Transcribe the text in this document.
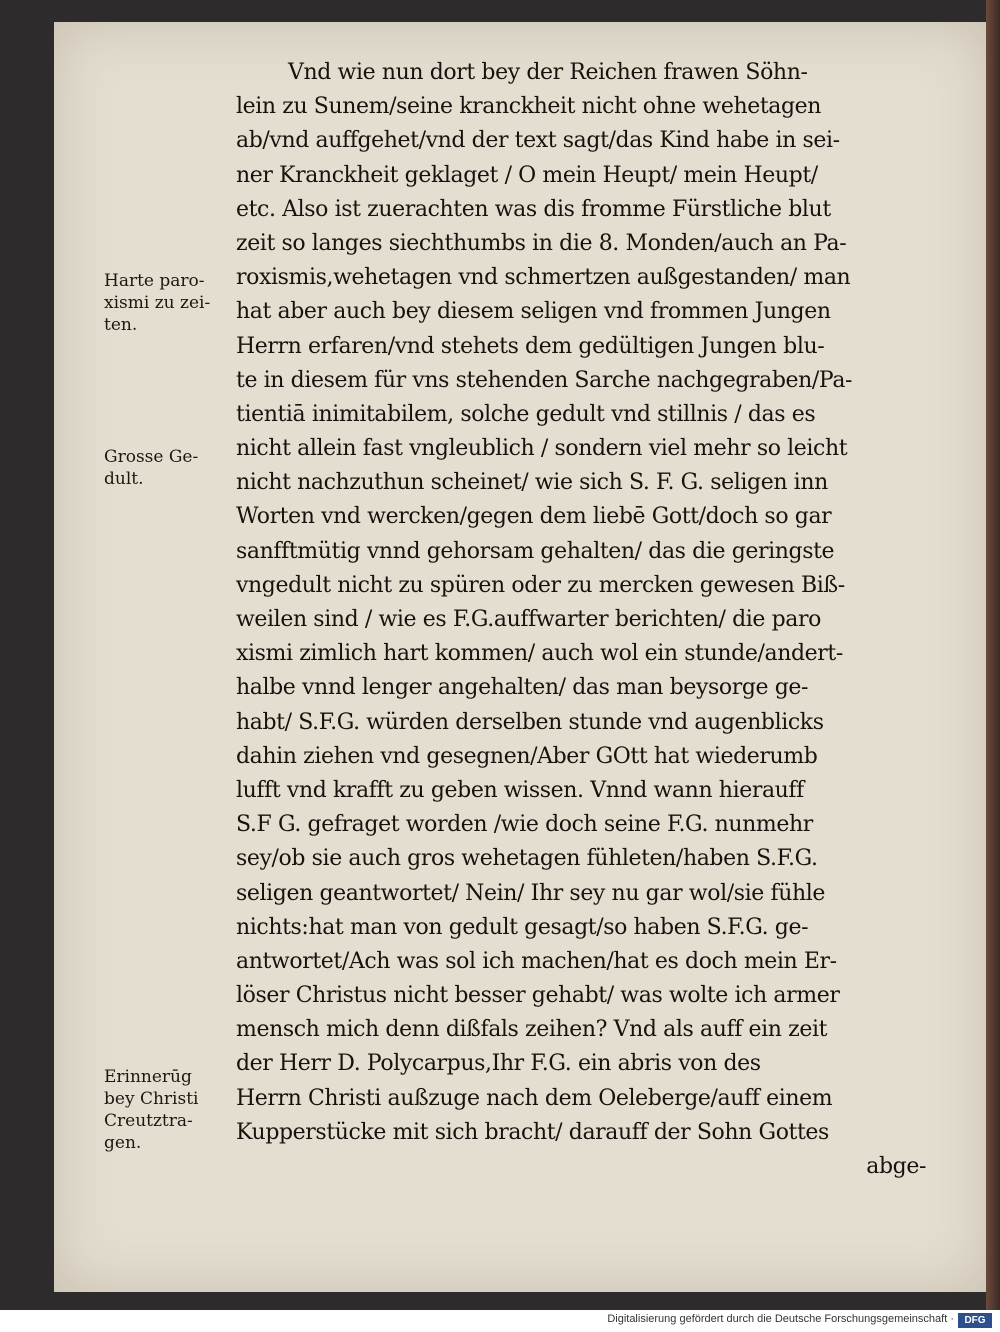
Harte paro-
xismi zu zei-
ten.
Grosse Ge-
dult.
Erinnerūg
bey Christi
Creutztra-
gen.
Vnd wie nun dort bey der Reichen frawen Söhn-
lein zu Sunem/seine kranckheit nicht ohne wehetagen
ab/vnd auffgehet/vnd der text sagt/das Kind habe in sei-
ner Kranckheit geklaget / O mein Heupt/ mein Heupt/
etc. Also ist zuerachten was dis fromme Fürstliche blut
zeit so langes siechthumbs in die 8. Monden/auch an Pa-
roxismis,wehetagen vnd schmertzen außgestanden/ man
hat aber auch bey diesem seligen vnd frommen Jungen
Herrn erfaren/vnd stehets dem gedültigen Jungen blu-
te in diesem für vns stehenden Sarche nachgegraben/Pa-
tientiā inimitabilem, solche gedult vnd stillnis / das es
nicht allein fast vngleublich / sondern viel mehr so leicht
nicht nachzuthun scheinet/ wie sich S. F. G. seligen inn
Worten vnd wercken/gegen dem liebē Gott/doch so gar
sanfftmütig vnnd gehorsam gehalten/ das die geringste
vngedult nicht zu spüren oder zu mercken gewesen Biß-
weilen sind / wie es F.G.auffwarter berichten/ die paro
xismi zimlich hart kommen/ auch wol ein stunde/andert-
halbe vnnd lenger angehalten/ das man beysorge ge-
habt/ S.F.G. würden derselben stunde vnd augenblicks
dahin ziehen vnd gesegnen/Aber GOtt hat wiederumb
lufft vnd krafft zu geben wissen. Vnnd wann hierauff
S.F G. gefraget worden /wie doch seine F.G. nunmehr
sey/ob sie auch gros wehetagen fühleten/haben S.F.G.
seligen geantwortet/ Nein/ Ihr sey nu gar wol/sie fühle
nichts:hat man von gedult gesagt/so haben S.F.G. ge-
antwortet/Ach was sol ich machen/hat es doch mein Er-
löser Christus nicht besser gehabt/ was wolte ich armer
mensch mich denn dißfals zeihen? Vnd als auff ein zeit
der Herr D. Polycarpus,Ihr F.G. ein abris von des
Herrn Christi außzuge nach dem Oeleberge/auff einem
Kupperstücke mit sich bracht/ darauff der Sohn Gottes
abge-
Digitalisierung gefördert durch die Deutsche Forschungsgemeinschaft ·	DFG
